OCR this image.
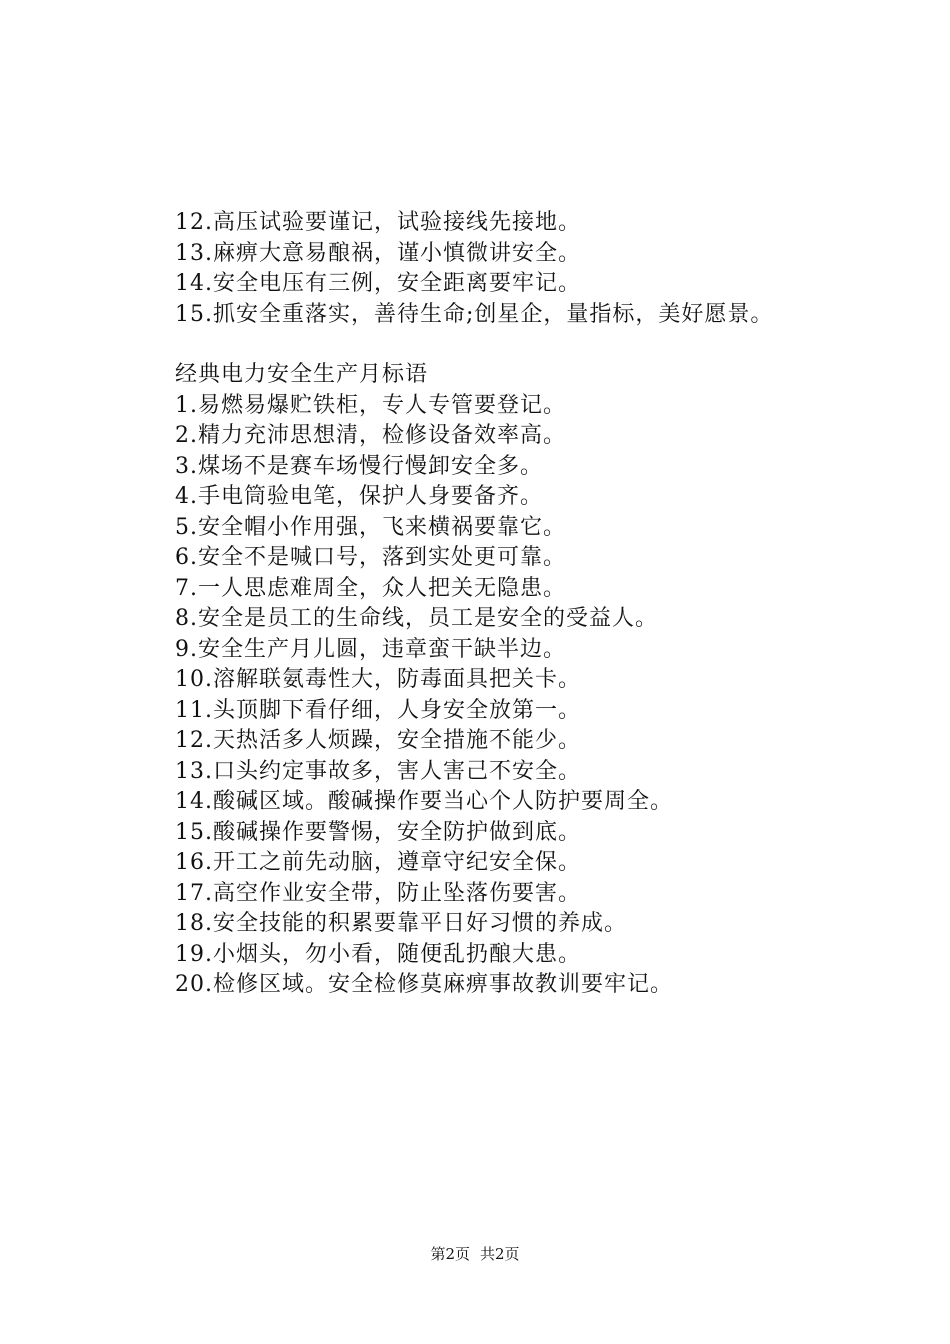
12.高压试验要谨记，试验接线先接地。
13.麻痹大意易酿祸，谨小慎微讲安全。
14.安全电压有三例，安全距离要牢记。
15.抓安全重落实，善待生命;创星企，量指标，美好愿景。
经典电力安全生产月标语
1.易燃易爆贮铁柜，专人专管要登记。
2.精力充沛思想清，检修设备效率高。
3.煤场不是赛车场慢行慢卸安全多。
4.手电筒验电笔，保护人身要备齐。
5.安全帽小作用强，飞来横祸要靠它。
6.安全不是喊口号，落到实处更可靠。
7.一人思虑难周全，众人把关无隐患。
8.安全是员工的生命线，员工是安全的受益人。
9.安全生产月儿圆，违章蛮干缺半边。
10.溶解联氨毒性大，防毒面具把关卡。
11.头顶脚下看仔细，人身安全放第一。
12.天热活多人烦躁，安全措施不能少。
13.口头约定事故多，害人害己不安全。
14.酸碱区域。酸碱操作要当心个人防护要周全。
15.酸碱操作要警惕，安全防护做到底。
16.开工之前先动脑，遵章守纪安全保。
17.高空作业安全带，防止坠落伤要害。
18.安全技能的积累要靠平日好习惯的养成。
19.小烟头，勿小看，随便乱扔酿大患。
20.检修区域。安全检修莫麻痹事故教训要牢记。
第2页 共2页
